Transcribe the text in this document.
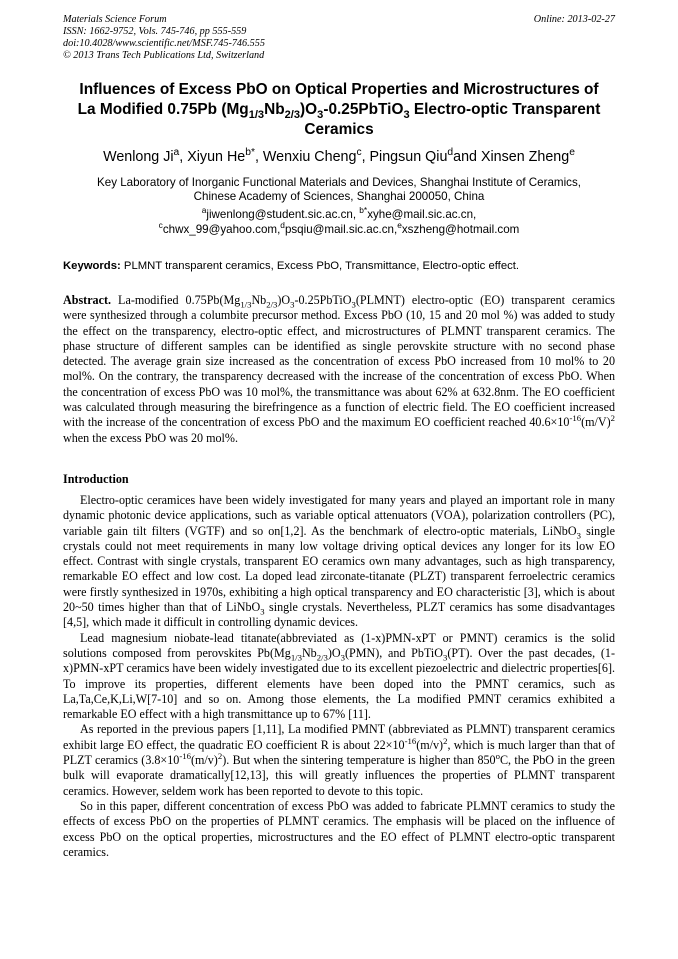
Materials Science Forum
ISSN: 1662-9752, Vols. 745-746, pp 555-559
doi:10.4028/www.scientific.net/MSF.745-746.555
© 2013 Trans Tech Publications Ltd, Switzerland
Online: 2013-02-27
Influences of Excess PbO on Optical Properties and Microstructures of
La Modified 0.75Pb $(Mg_{1/3}Nb_{2/3})O_3-0.25PbTiO_3$ Electro-optic Transparent
Ceramics
Wenlong Ji$^a$, Xiyun $He^{b*}$, Wenxiu Cheng$^c$, Pingsun Qiu$^d$and Xinsen Zheng$^e$
Key Laboratory of Inorganic Functional Materials and Devices, Shanghai Institute of Ceramics,
Chinese Academy of Sciences, Shanghai 200050, China
$^a$jiwenlong@student.sic.ac.cn, $^{b*}$xyhe@mail.sic.ac.cn,
$^c$chwx_99@yahoo.com,$^d$psqiu@mail.sic.ac.cn,$^e$xszheng@hotmail.com
Keywords: PLMNT transparent ceramics, Excess PbO, Transmittance, Electro-optic effect.
Abstract. La-modified $0.75Pb(Mg_{1/3}Nb_{2/3})O_3-0.25PbTiO_3(PLMNT)$ electro-optic (EO) transparent ceramics were synthesized through a columbite precursor method. Excess PbO (10, 15 and 20 mol %) was added to study the effect on the transparency, electro-optic effect, and microstructures of PLMNT transparent ceramics. The phase structure of different samples can be identified as single perovskite structure with no second phase detected. The average grain size increased as the concentration of excess PbO increased from 10 mol% to 20 mol%. On the contrary, the transparency decreased with the increase of the concentration of excess PbO. When the concentration of excess PbO was 10 mol%, the transmittance was about 62% at 632.8nm. The EO coefficient was calculated through measuring the birefringence as a function of electric field. The EO coefficient increased with the increase of the concentration of excess PbO and the maximum EO coefficient reached $40.6\times 10^{-16}(m/V)^2$ when the excess PbO was 20 mol%.
Introduction

Electro-optic ceramices have been widely investigated for many years and played an important role in many dynamic photonic device applications, such as variable optical attenuators (VOA), polarization controllers (PC), variable gain tilt filters (VGTF) and so on[1,2]. As the benchmark of electro-optic materials, LiNbO$_3$ single crystals could not meet requirements in many low voltage driving optical devices any longer for its low EO effect. Contrast with single crystals, transparent EO ceramics own many advantages, such as high transparency, remarkable EO effect and low cost. La doped lead zirconate-titanate (PLZT) transparent ferroelectric ceramics were firstly synthesized in 1970s, exhibiting a high optical transparency and EO characteristic [3], which is about 20~50 times higher than that of LiNbO$_3$ single crystals. Nevertheless, PLZT ceramics has some disadvantages [4,5], which made it difficult in controlling dynamic devices.

Lead magnesium niobate-lead titanate(abbreviated as (1-x)PMN-xPT or PMNT) ceramics is the solid solutions composed from perovskites $Pb(Mg_{1/3}Nb_{2/3})O_3(PMN)$, and PbTiO$_3$(PT). Over the past decades, (1-x)PMN-xPT ceramics have been widely investigated due to its excellent piezoelectric and dielectric properties[6]. To improve its properties, different elements have been doped into the PMNT ceramics, such as La,Ta,Ce,K,Li,W[7-10] and so on. Among those elements, the La modified PMNT ceramics exhibited a remarkable EO effect with a high transmittance up to 67% [11].

As reported in the previous papers [1,11], La modified PMNT (abbreviated as PLMNT) transparent ceramics exhibit large EO effect, the quadratic EO coefficient R is about $22\times 10^{-16}(m/v)^2$, which is much larger than that of PLZT ceramics $(3.8\times 10^{-16}(m/v)^2)$. But when the sintering temperature is higher than 850$^o$C, the PbO in the green bulk will evaporate dramatically[12,13], this will greatly influences the properties of PLMNT transparent ceramics. However, seldem work has been reported to devote to this topic.

So in this paper, different concentration of excess PbO was added to fabricate PLMNT ceramics to study the effects of excess PbO on the properties of PLMNT ceramics. The emphasis will be placed on the influence of excess PbO on the optical properties, microstructures and the EO effect of PLMNT electro-optic transparent ceramics.
